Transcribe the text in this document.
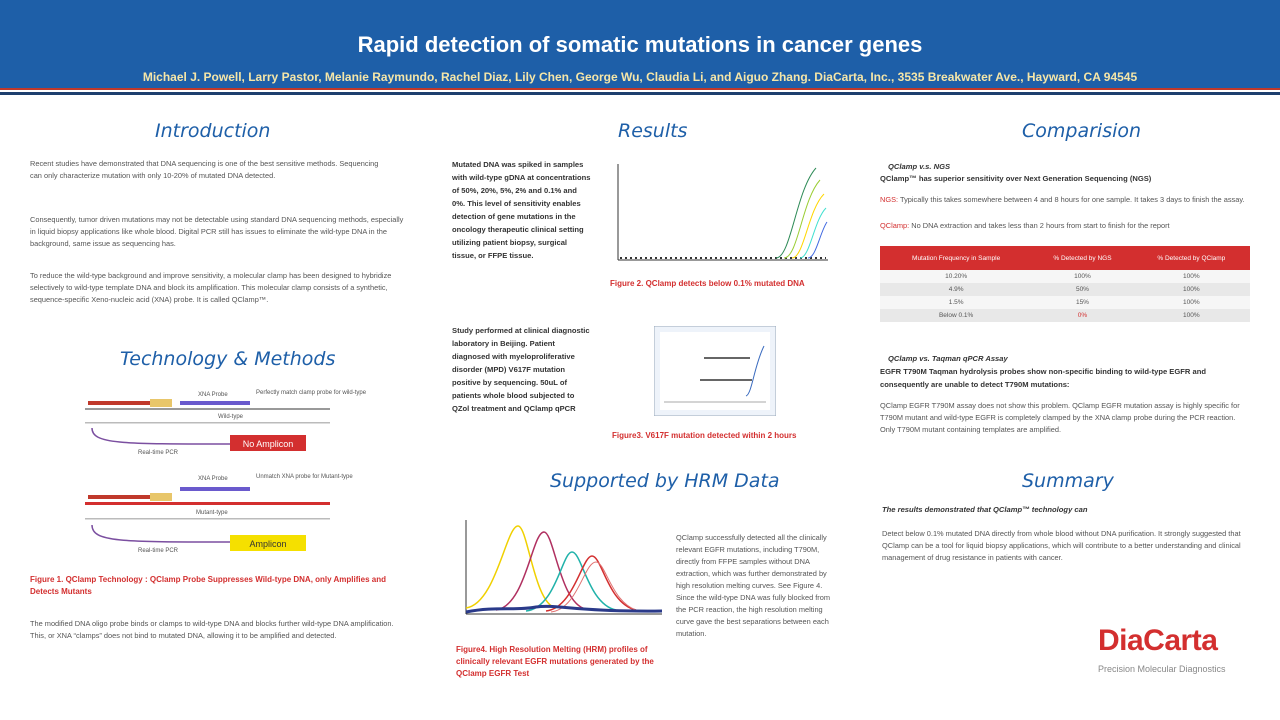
Rapid detection of somatic mutations in cancer genes
Michael J. Powell, Larry Pastor, Melanie Raymundo, Rachel Diaz, Lily Chen, George Wu, Claudia Li, and Aiguo Zhang. DiaCarta, Inc., 3535 Breakwater Ave., Hayward, CA 94545
Introduction
Recent studies have demonstrated that DNA sequencing is one of the best sensitive methods. Sequencing can only characterize mutation with only 10-20% of mutated DNA detected.
Consequently, tumor driven mutations may not be detectable using standard DNA sequencing methods, especially in liquid biopsy applications like whole blood. Digital PCR still has issues to eliminate the wild-type DNA in the background, same issue as sequencing has.
To reduce the wild-type background and improve sensitivity, a molecular clamp has been designed to hybridize selectively to wild-type template DNA and block its amplification. This molecular clamp consists of a synthetic, sequence-specific Xeno-nucleic acid (XNA) probe. It is called QClamp™.
Technology & Methods
XNA Probe	Perfectly match clamp probe for wild-type
Wild-type
No Amplicon
Real-time PCR
XNA Probe	Unmatch XNA probe for Mutant-type
Mutant-type
Amplicon
Real-time PCR
Figure 1. QClamp Technology : QClamp Probe Suppresses Wild-type DNA, only Amplifies and Detects Mutants
The modified DNA oligo probe binds or clamps to wild-type DNA and blocks further wild-type DNA amplification. This, or XNA “clamps” does not bind to mutated DNA, allowing it to be amplified and detected.
Results
Mutated DNA was spiked in samples with wild-type gDNA at concentrations of 50%, 20%, 5%, 2% and 0.1% and 0%. This level of sensitivity enables detection of gene mutations in the oncology therapeutic clinical setting utilizing patient biopsy, surgical tissue, or FFPE tissue.
Study performed at clinical diagnostic laboratory in Beijing. Patient diagnosed with myeloproliferative disorder (MPD) V617F mutation positive by sequencing. 50uL of patients whole blood subjected to QZol treatment and QClamp qPCR
Figure 2. QClamp detects below 0.1% mutated DNA
Figure3. V617F mutation detected within 2 hours
Supported by HRM Data
Figure4. High Resolution Melting (HRM) profiles of clinically relevant EGFR mutations generated by the QClamp EGFR Test
QClamp successfully detected all the clinically relevant EGFR mutations, including T790M, directly from FFPE samples without DNA extraction, which was further demonstrated by high resolution melting curves. See Figure 4. Since the wild-type DNA was fully blocked from the PCR reaction, the high resolution melting curve gave the best separations between each mutation.
Comparision
QClamp v.s. NGS
QClamp™ has superior sensitivity over Next Generation Sequencing (NGS)
NGS: Typically this takes somewhere between 4 and 8 hours for one sample. It takes 3 days to finish the assay.
QClamp: No DNA extraction and takes less than 2 hours from start to finish for the report
Mutation Frequency in Sample	% Detected by NGS	% Detected by QClamp
10.20%	100%	100%
4.9%	50%	100%
1.5%	15%	100%
Below 0.1%	0%	100%
QClamp vs. Taqman qPCR Assay
EGFR T790M Taqman hydrolysis probes show non-specific binding to wild-type EGFR and consequently are unable to detect T790M mutations:
QClamp EGFR T790M assay does not show this problem. QClamp EGFR mutation assay is highly specific for T790M mutant and wild-type EGFR is completely clamped by the XNA clamp probe during the PCR reaction. Only T790M mutant containing templates are amplified.
Summary
The results demonstrated that QClamp™ technology can
Detect below 0.1% mutated DNA directly from whole blood without DNA purification. It strongly suggested that QClamp can be a tool for liquid biopsy applications, which will contribute to a better understanding and clinical management of drug resistance in patients with cancer.
DiaCarta
Precision Molecular Diagnostics
